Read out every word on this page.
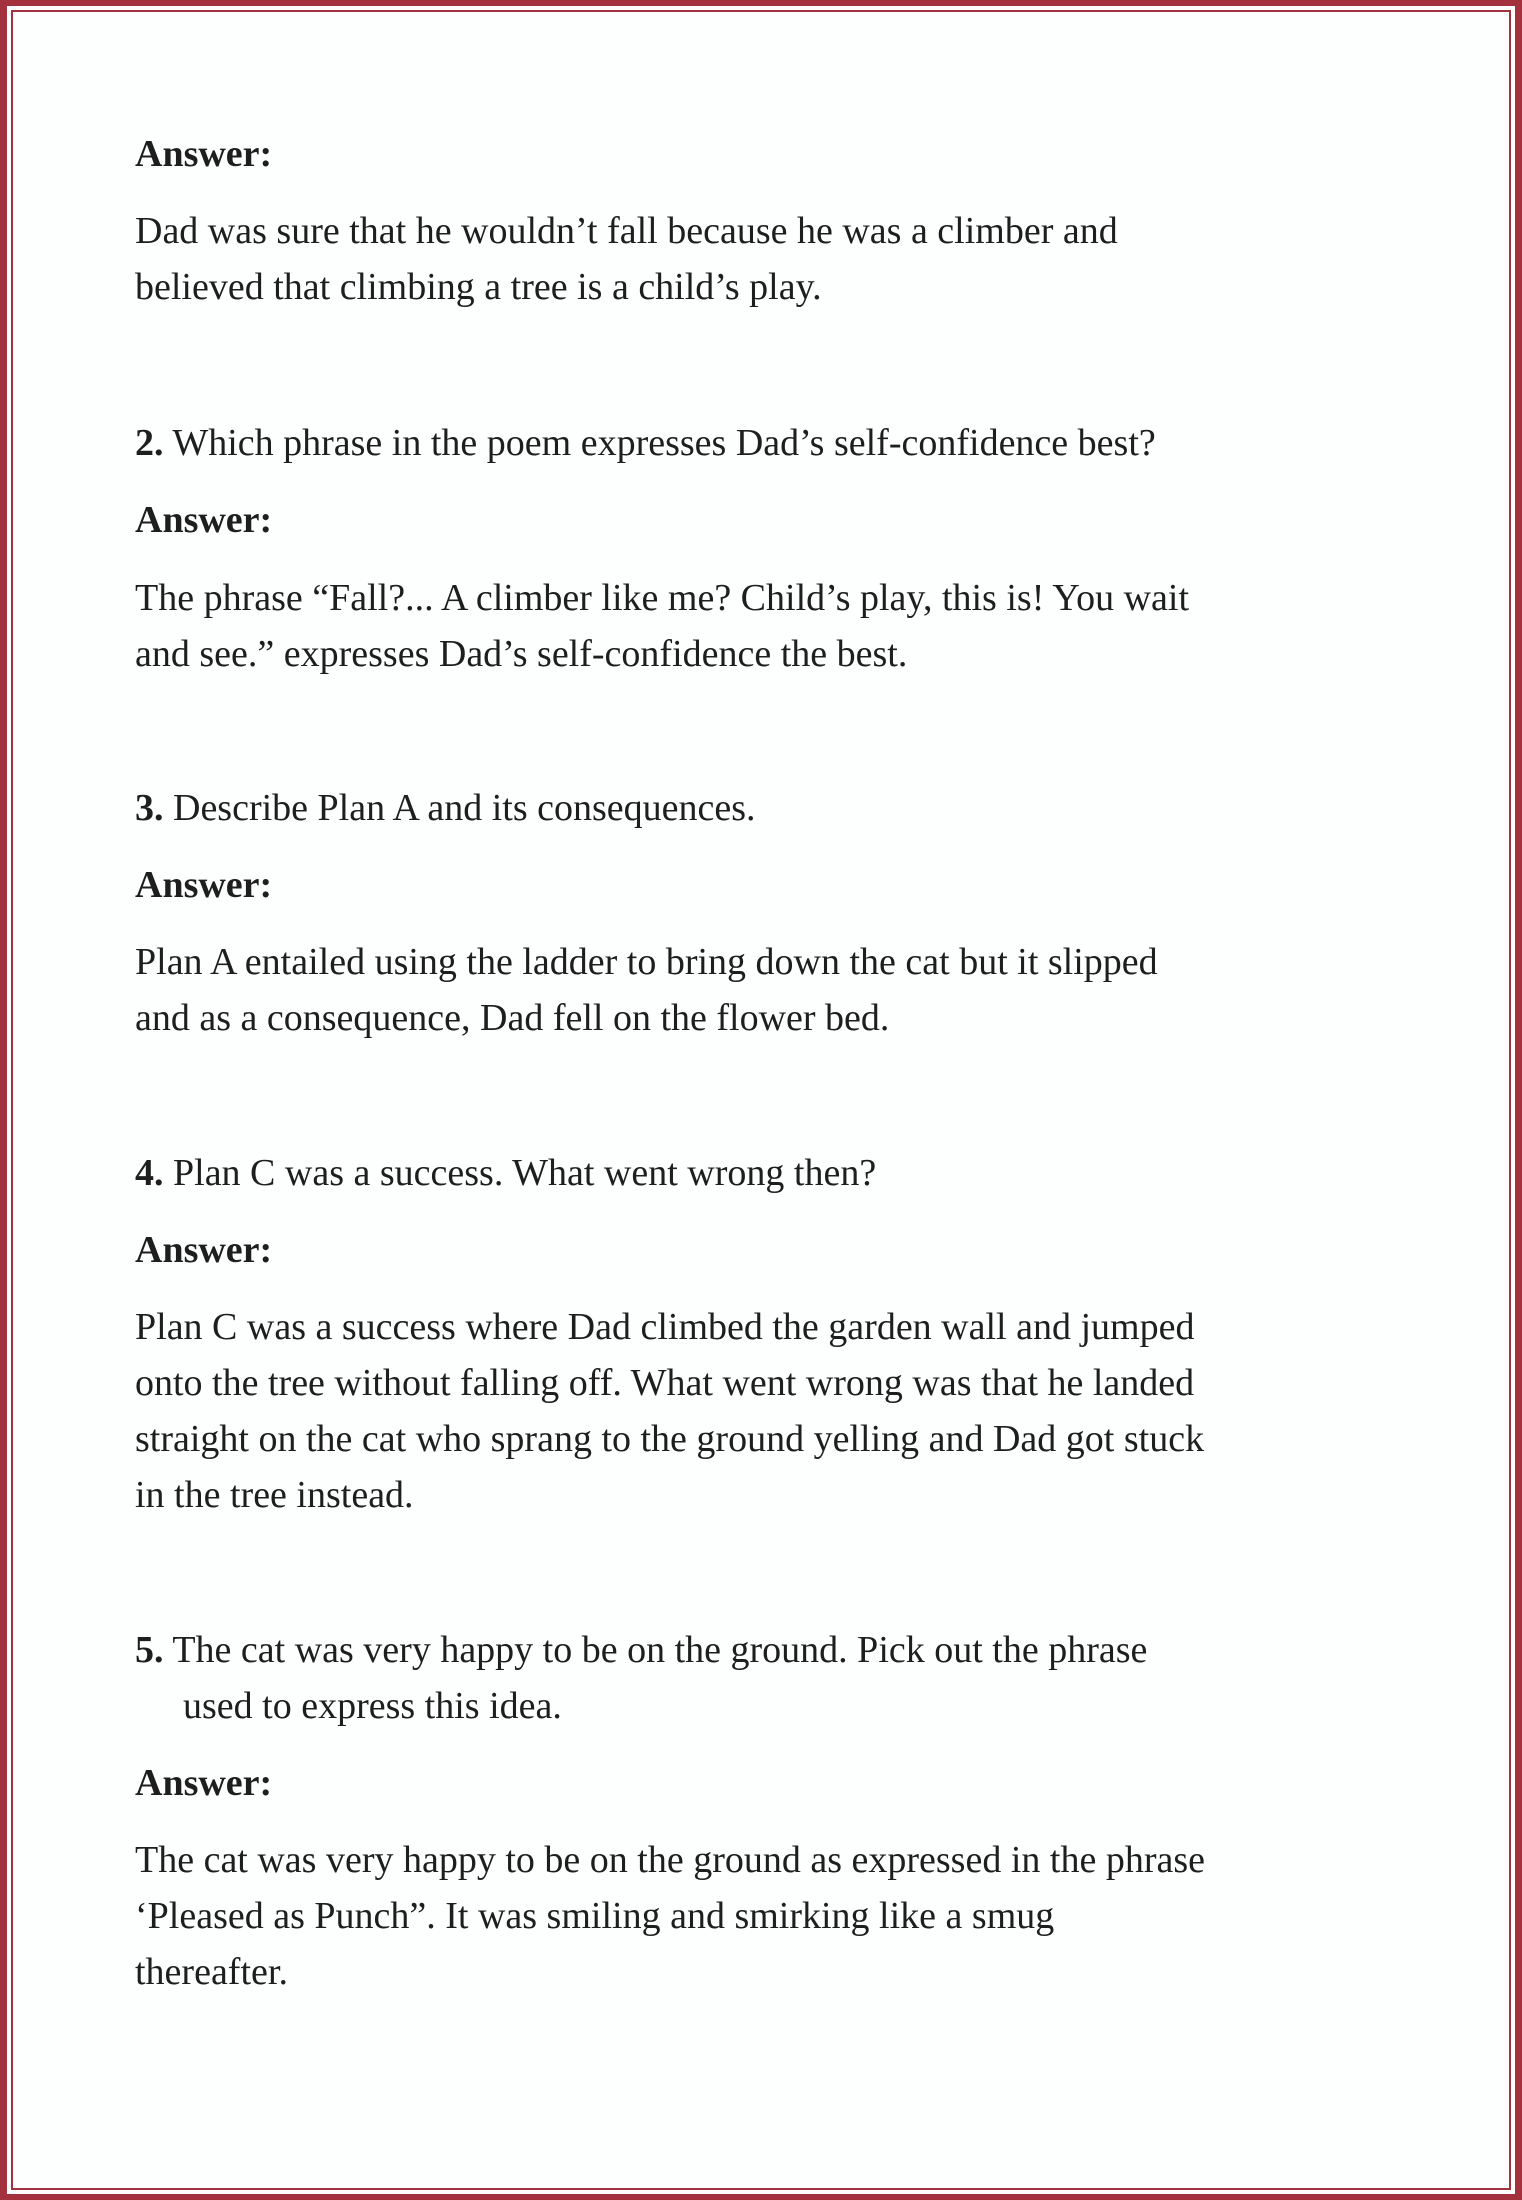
Answer:
Dad was sure that he wouldn’t fall because he was a climber and
believed that climbing a tree is a child’s play.
2. Which phrase in the poem expresses Dad’s self-confidence best?
Answer:
The phrase “Fall?... A climber like me? Child’s play, this is! You wait
and see.” expresses Dad’s self-confidence the best.
3. Describe Plan A and its consequences.
Answer:
Plan A entailed using the ladder to bring down the cat but it slipped
and as a consequence, Dad fell on the flower bed.
4. Plan C was a success. What went wrong then?
Answer:
Plan C was a success where Dad climbed the garden wall and jumped
onto the tree without falling off. What went wrong was that he landed
straight on the cat who sprang to the ground yelling and Dad got stuck
in the tree instead.
5. The cat was very happy to be on the ground. Pick out the phrase
used to express this idea.
Answer:
The cat was very happy to be on the ground as expressed in the phrase
‘Pleased as Punch”. It was smiling and smirking like a smug
thereafter.
